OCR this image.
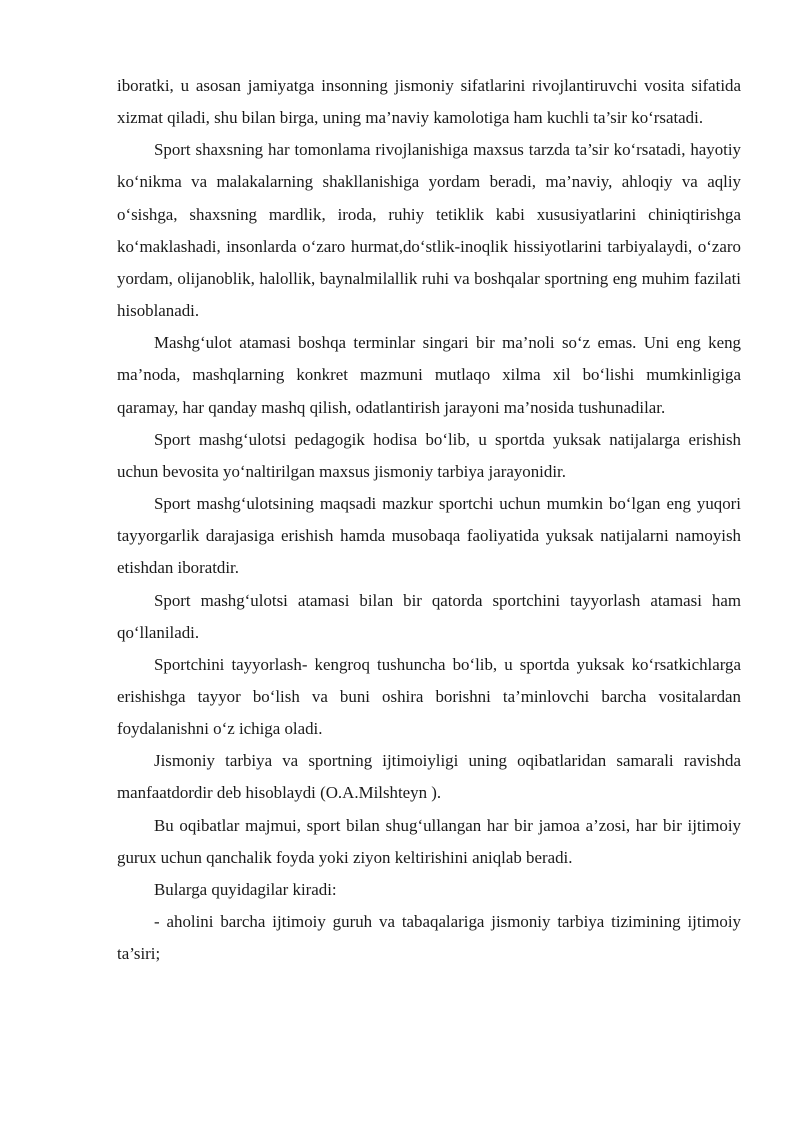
iboratki, u asosan jamiyatga insonning jismoniy sifatlarini rivojlantiruvchi vosita sifatida xizmat qiladi, shu bilan birga, uning ma’naviy kamolotiga ham kuchli ta’sir ko‘rsatadi.

Sport shaxsning har tomonlama rivojlanishiga maxsus tarzda ta’sir ko‘rsatadi, hayotiy ko‘nikma va malakalarning shakllanishiga yordam beradi, ma’naviy, ahloqiy va aqliy o‘sishga, shaxsning mardlik, iroda, ruhiy tetiklik kabi xususiyatlarini chiniqtirishga ko‘maklashadi, insonlarda o‘zaro hurmat,do‘stlik-inoqlik hissiyotlarini tarbiyalaydi, o‘zaro yordam, olijanoblik, halollik, baynalmilallik ruhi va boshqalar sportning eng muhim fazilati hisoblanadi.

Mashg‘ulot atamasi boshqa terminlar singari bir ma’noli so‘z emas. Uni eng keng ma’noda, mashqlarning konkret mazmuni mutlaqo xilma xil bo‘lishi mumkinligiga qaramay, har qanday mashq qilish, odatlantirish jarayoni ma’nosida tushunadilar.

Sport mashg‘ulotsi pedagogik hodisa bo‘lib, u sportda yuksak natijalarga erishish uchun bevosita yo‘naltirilgan maxsus jismoniy tarbiya jarayonidir.

Sport mashg‘ulotsining maqsadi mazkur sportchi uchun mumkin bo‘lgan eng yuqori tayyorgarlik darajasiga erishish hamda musobaqa faoliyatida yuksak natijalarni namoyish etishdan iboratdir.

Sport mashg‘ulotsi atamasi bilan bir qatorda sportchini tayyorlash atamasi ham qo‘llaniladi.

Sportchini tayyorlash- kengroq tushuncha bo‘lib, u sportda yuksak ko‘rsatkichlarga erishishga tayyor bo‘lish va buni oshira borishni ta’minlovchi barcha vositalardan foydalanishni o‘z ichiga oladi.

Jismoniy tarbiya va sportning ijtimoiyligi uning oqibatlaridan samarali ravishda manfaatdordir deb hisoblaydi (O.A.Milshteyn ).

Bu oqibatlar majmui, sport bilan shug‘ullangan har bir jamoa a’zosi, har bir ijtimoiy gurux uchun qanchalik foyda yoki ziyon keltirishini aniqlab beradi.

Bularga quyidagilar kiradi:

- aholini barcha ijtimoiy guruh va tabaqalariga jismoniy tarbiya tizimining ijtimoiy ta’siri;
